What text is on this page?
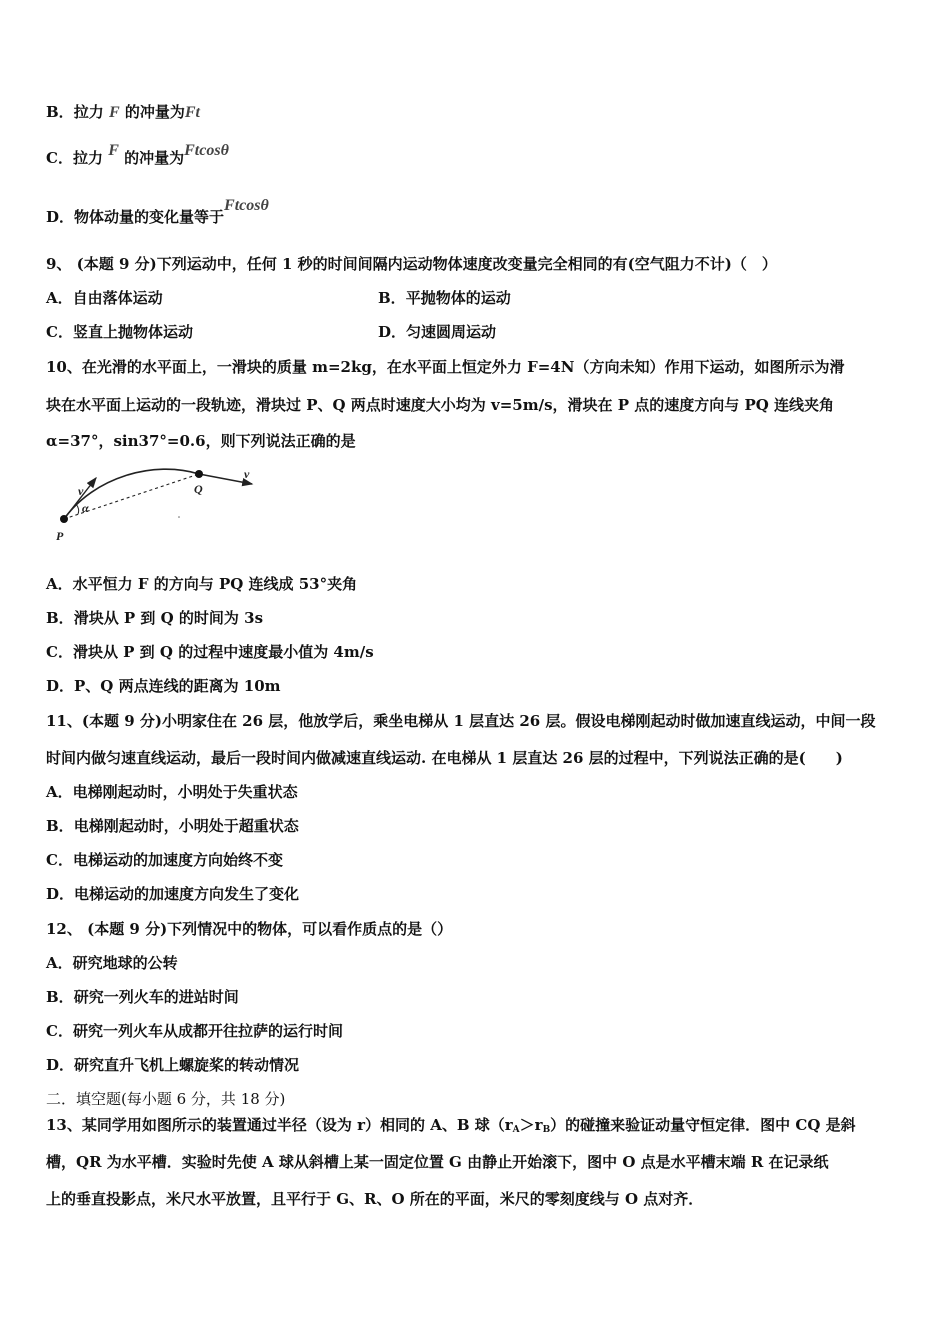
B．拉力 F 的冲量为Ft
C．拉力 F 的冲量为Ftcosθ
D．物体动量的变化量等于Ftcosθ
9、 (本题 9 分)下列运动中，任何 1 秒的时间间隔内运动物体速度改变量完全相同的有(空气阻力不计)（　）
A．自由落体运动	B．平抛物体的运动
C．竖直上抛物体运动	D．匀速圆周运动
10、在光滑的水平面上，一滑块的质量 m=2kg，在水平面上恒定外力 F=4N（方向未知）作用下运动，如图所示为滑
块在水平面上运动的一段轨迹，滑块过 P、Q 两点时速度大小均为 v=5m/s，滑块在 P 点的速度方向与 PQ 连线夹角
α=37°，sin37°=0.6，则下列说法正确的是
v
α
P
Q
v
A．水平恒力 F 的方向与 PQ 连线成 53°夹角
B．滑块从 P 到 Q 的时间为 3s
C．滑块从 P 到 Q 的过程中速度最小值为 4m/s
D．P、Q 两点连线的距离为 10m
11、(本题 9 分)小明家住在 26 层，他放学后，乘坐电梯从 1 层直达 26 层。假设电梯刚起动时做加速直线运动，中间一段
时间内做匀速直线运动，最后一段时间内做减速直线运动. 在电梯从 1 层直达 26 层的过程中，下列说法正确的是(　　)
A．电梯刚起动时，小明处于失重状态
B．电梯刚起动时，小明处于超重状态
C．电梯运动的加速度方向始终不变
D．电梯运动的加速度方向发生了变化
12、 (本题 9 分)下列情况中的物体，可以看作质点的是（）
A．研究地球的公转
B．研究一列火车的进站时间
C．研究一列火车从成都开往拉萨的运行时间
D．研究直升飞机上螺旋桨的转动情况
二．填空题(每小题 6 分，共 18 分)
13、某同学用如图所示的装置通过半径（设为 r）相同的 A、B 球$(r_A>r_B)$的碰撞来验证动量守恒定律．图中 CQ 是斜
槽，QR 为水平槽．实验时先使 A 球从斜槽上某一固定位置 G 由静止开始滚下，图中 O 点是水平槽末端 R 在记录纸
上的垂直投影点，米尺水平放置，且平行于 G、R、O 所在的平面，米尺的零刻度线与 O 点对齐．
